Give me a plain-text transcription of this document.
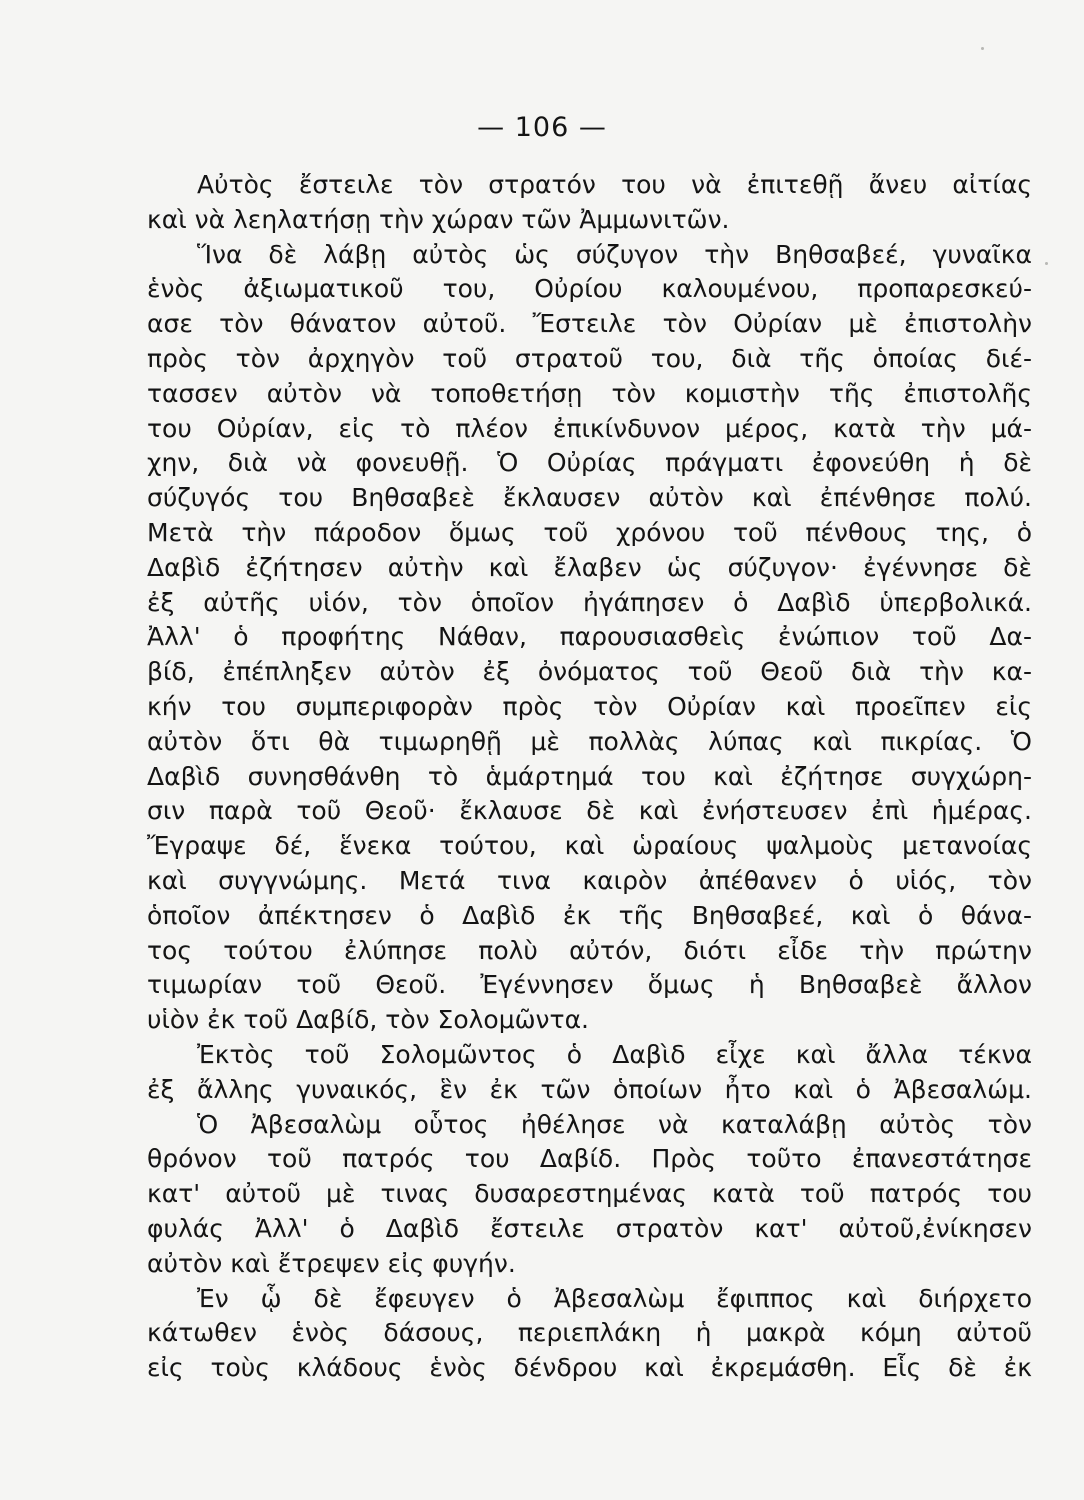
— 106 —
Αὐτὸς ἔστειλε τὸν στρατόν του νὰ ἐπιτεθῇ ἄνευ αἰτίας
καὶ νὰ λεηλατήσῃ τὴν χώραν τῶν Ἀμμωνιτῶν.
Ἵνα δὲ λάβῃ αὐτὸς ὡς σύζυγον τὴν Βηθσαβεέ, γυναῖκα
ἑνὸς ἀξιωματικοῦ του, Οὐρίου καλουμένου, προπαρεσκεύ-
ασε τὸν θάνατον αὐτοῦ. Ἔστειλε τὸν Οὐρίαν μὲ ἐπιστολὴν
πρὸς τὸν ἀρχηγὸν τοῦ στρατοῦ του, διὰ τῆς ὁποίας διέ-
τασσεν αὐτὸν νὰ τοποθετήσῃ τὸν κομιστὴν τῆς ἐπιστολῆς
του Οὐρίαν, εἰς τὸ πλέον ἐπικίνδυνον μέρος, κατὰ τὴν μά-
χην, διὰ νὰ φονευθῇ. Ὁ Οὐρίας πράγματι ἐφονεύθη ἡ δὲ
σύζυγός του Βηθσαβεὲ ἔκλαυσεν αὐτὸν καὶ ἐπένθησε πολύ.
Μετὰ τὴν πάροδον ὅμως τοῦ χρόνου τοῦ πένθους της, ὁ
Δαβὶδ ἐζήτησεν αὐτὴν καὶ ἔλαβεν ὡς σύζυγον· ἐγέννησε δὲ
ἐξ αὐτῆς υἱόν, τὸν ὁποῖον ἠγάπησεν ὁ Δαβὶδ ὑπερβολικά.
Ἀλλ' ὁ προφήτης Νάθαν, παρουσιασθεὶς ἐνώπιον τοῦ Δα-
βίδ, ἐπέπληξεν αὐτὸν ἐξ ὀνόματος τοῦ Θεοῦ διὰ τὴν κα-
κήν του συμπεριφορὰν πρὸς τὸν Οὐρίαν καὶ προεῖπεν εἰς
αὐτὸν ὅτι θὰ τιμωρηθῇ μὲ πολλὰς λύπας καὶ πικρίας. Ὁ
Δαβὶδ συνησθάνθη τὸ ἁμάρτημά του καὶ ἐζήτησε συγχώρη-
σιν παρὰ τοῦ Θεοῦ· ἔκλαυσε δὲ καὶ ἐνήστευσεν ἐπὶ ἡμέρας.
Ἔγραψε δέ, ἕνεκα τούτου, καὶ ὡραίους ψαλμοὺς μετανοίας
καὶ συγγνώμης. Μετά τινα καιρὸν ἀπέθανεν ὁ υἱός, τὸν
ὁποῖον ἀπέκτησεν ὁ Δαβὶδ ἐκ τῆς Βηθσαβεέ, καὶ ὁ θάνα-
τος τούτου ἐλύπησε πολὺ αὐτόν, διότι εἶδε τὴν πρώτην
τιμωρίαν τοῦ Θεοῦ. Ἐγέννησεν ὅμως ἡ Βηθσαβεὲ ἄλλον
υἱὸν ἐκ τοῦ Δαβίδ, τὸν Σολομῶντα.
Ἐκτὸς τοῦ Σολομῶντος ὁ Δαβὶδ εἶχε καὶ ἄλλα τέκνα
ἐξ ἄλλης γυναικός, ἓν ἐκ τῶν ὁποίων ἦτο καὶ ὁ Ἀβεσαλώμ.
Ὁ Ἀβεσαλὼμ οὗτος ἠθέλησε νὰ καταλάβῃ αὐτὸς τὸν
θρόνον τοῦ πατρός του Δαβίδ. Πρὸς τοῦτο ἐπανεστάτησε
κατ' αὐτοῦ μὲ τινας δυσαρεστημένας κατὰ τοῦ πατρός του
φυλάς Ἀλλ' ὁ Δαβὶδ ἔστειλε στρατὸν κατ' αὐτοῦ,ἐνίκησεν
αὐτὸν καὶ ἔτρεψεν εἰς φυγήν.
Ἐν ᾧ δὲ ἔφευγεν ὁ Ἀβεσαλὼμ ἔφιππος καὶ διήρχετο
κάτωθεν ἑνὸς δάσους, περιεπλάκη ἡ μακρὰ κόμη αὐτοῦ
εἰς τοὺς κλάδους ἑνὸς δένδρου καὶ ἐκρεμάσθη. Εἷς δὲ ἐκ
